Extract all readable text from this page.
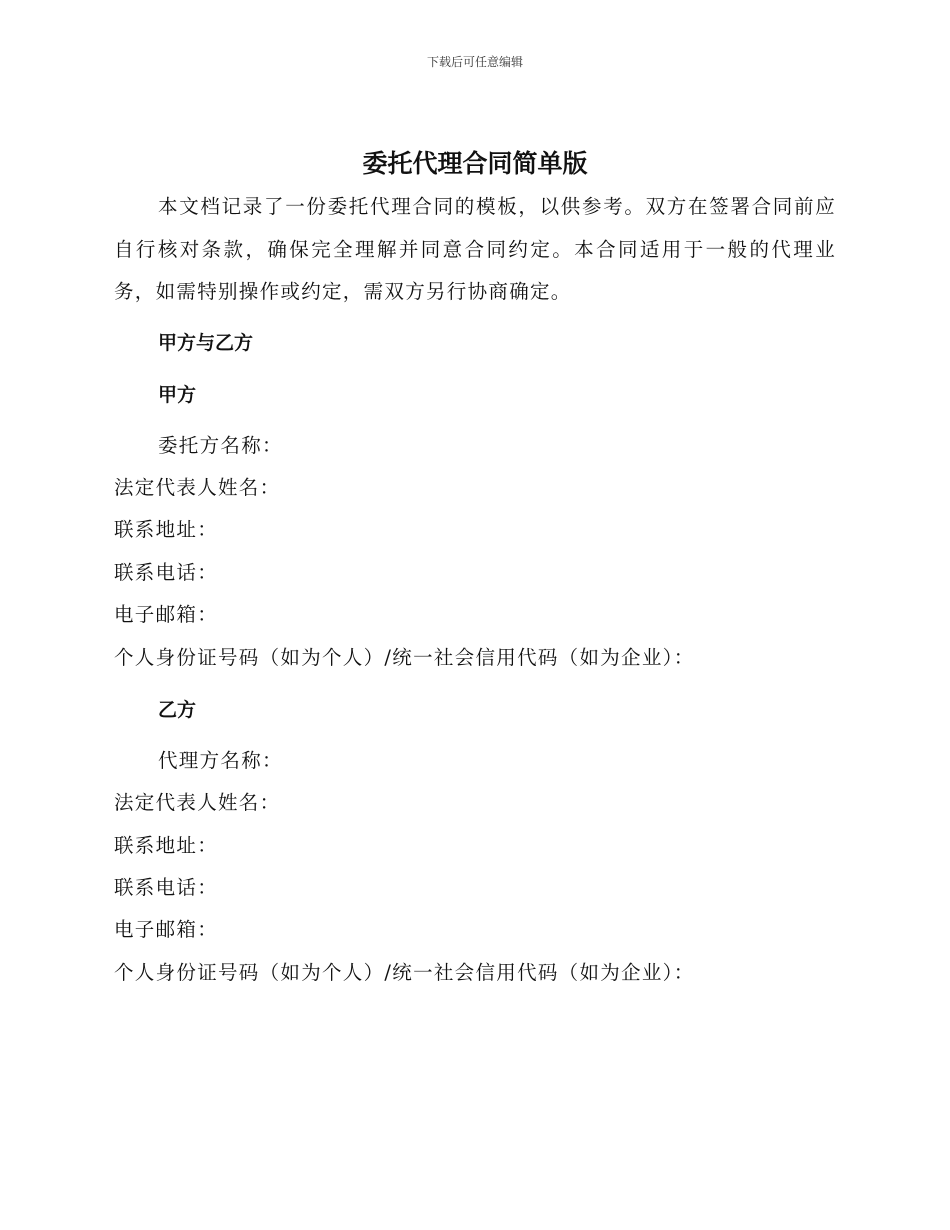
下载后可任意编辑
委托代理合同简单版

本文档记录了一份委托代理合同的模板，以供参考。双方在签署合同前应自行核对条款，确保完全理解并同意合同约定。本合同适用于一般的代理业务，如需特别操作或约定，需双方另行协商确定。

甲方与乙方
甲方

委托方名称：

法定代表人姓名：

联系地址：

联系电话：

电子邮箱：

个人身份证号码（如为个人）/统一社会信用代码（如为企业）：

乙方

代理方名称：

法定代表人姓名：

联系地址：

联系电话：

电子邮箱：

个人身份证号码（如为个人）/统一社会信用代码（如为企业）：
